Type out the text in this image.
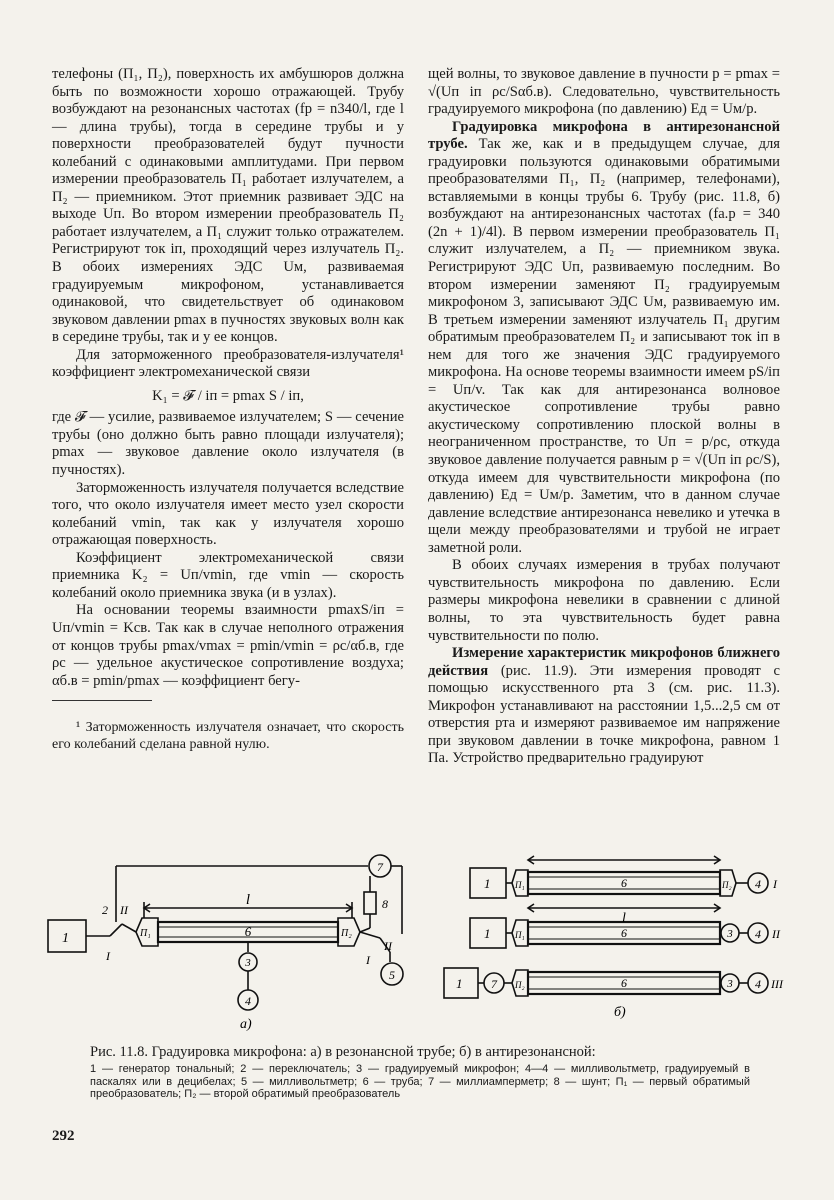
телефоны (П₁, П₂), поверхность их амбушюров должна быть по возможности хорошо отражающей. Трубу возбуждают на резонансных частотах (fр = n340/l, где l — длина трубы), тогда в середине трубы и у поверхности преобразователей будут пучности колебаний с одинаковыми амплитудами. При первом измерении преобразователь П₁ работает излучателем, а П₂ — приемником. Этот приемник развивает ЭДС на выходе Uп. Во втором измерении преобразователь П₂ работает излучателем, а П₁ служит только отражателем. Регистрируют ток iп, проходящий через излучатель П₂. В обоих измерениях ЭДС Uм, развиваемая градуируемым микрофоном, устанавливается одинаковой, что свидетельствует об одинаковом звуковом давлении pmax в пучностях звуковых волн как в середине трубы, так и у ее концов.

Для заторможенного преобразователя-излучателя¹ коэффициент электромеханической связи

K₁ = 𝓕 / iп = pmax S / iп,

где 𝓕 — усилие, развиваемое излучателем; S — сечение трубы (оно должно быть равно площади излучателя); pmax — звуковое давление около излучателя (в пучностях).

Заторможенность излучателя получается вследствие того, что около излучателя имеет место узел скорости колебаний vmin, так как у излучателя хорошо отражающая поверхность.

Коэффициент электромеханической связи приемника K₂ = Uп/vmin, где vmin — скорость колебаний около приемника звука (и в узлах).

На основании теоремы взаимности pmaxS/iп = Uп/vmin = Kсв. Так как в случае неполного отражения от концов трубы pmax/vmax = pmin/vmin = ρc/αб.в, где ρc — удельное акустическое сопротивление воздуха; αб.в = pmin/pmax — коэффициент бегу-

¹ Заторможенность излучателя означает, что скорость его колебаний сделана равной нулю.

щей волны, то звуковое давление в пучности p = pmax = √(Uп iп ρc/Sαб.в). Следовательно, чувствительность градуируемого микрофона (по давлению) Eд = Uм/p.

Градуировка микрофона в антирезонансной трубе. Так же, как и в предыдущем случае, для градуировки пользуются одинаковыми обратимыми преобразователями П₁, П₂ (например, телефонами), вставляемыми в концы трубы 6. Трубу (рис. 11.8, б) возбуждают на антирезонансных частотах (fа.р = 340 (2n + 1)/4l). В первом измерении преобразователь П₁ служит излучателем, а П₂ — приемником звука. Регистрируют ЭДС Uп, развиваемую последним. Во втором измерении заменяют П₂ градуируемым микрофоном 3, записывают ЭДС Uм, развиваемую им. В третьем измерении заменяют излучатель П₁ другим обратимым преобразователем П₂ и записывают ток iп в нем для того же значения ЭДС градуируемого микрофона. На основе теоремы взаимности имеем pS/iп = Uп/v. Так как для антирезонанса волновое акустическое сопротивление трубы равно акустическому сопротивлению плоской волны в неограниченном пространстве, то Uп = p/ρc, откуда звуковое давление получается равным p = √(Uп iп ρc/S), откуда имеем для чувствительности микрофона (по давлению) Eд = Uм/p. Заметим, что в данном случае давление вследствие антирезонанса невелико и утечка в щели между преобразователями и трубой не играет заметной роли.

В обоих случаях измерения в трубах получают чувствительность микрофона по давлению. Если размеры микрофона невелики в сравнении с длиной волны, то эта чувствительность будет равна чувствительности по полю.

Измерение характеристик микрофонов ближнего действия (рис. 11.9). Эти измерения проводят с помощью искусственного рта 3 (см. рис. 11.3). Микрофон устанавливают на расстоянии 1,5...2,5 см от отверстия рта и измеряют развиваемое им напряжение при звуковом давлении в точке микрофона, равном 1 Па. Устройство предварительно градуируют

1
l
6
П₁	П₂
2 II
I
7
8
II
I
5
3
4
а)
1	П₁	6	П₂ 4 I
l
1	П₁	6	3 4 II
1 7 П₂	6	3 4 III
б)

Рис. 11.8. Градуировка микрофона: а) в резонансной трубе; б) в антирезонансной:

1 — генератор тональный; 2 — переключатель; 3 — градуируемый микрофон; 4—4 — милливольтметр, градуируемый в паскалях или в децибелах; 5 — милливольтметр; 6 — труба; 7 — миллиамперметр; 8 — шунт; П₁ — первый обратимый преобразователь; П₂ — второй обратимый преобразователь

292
